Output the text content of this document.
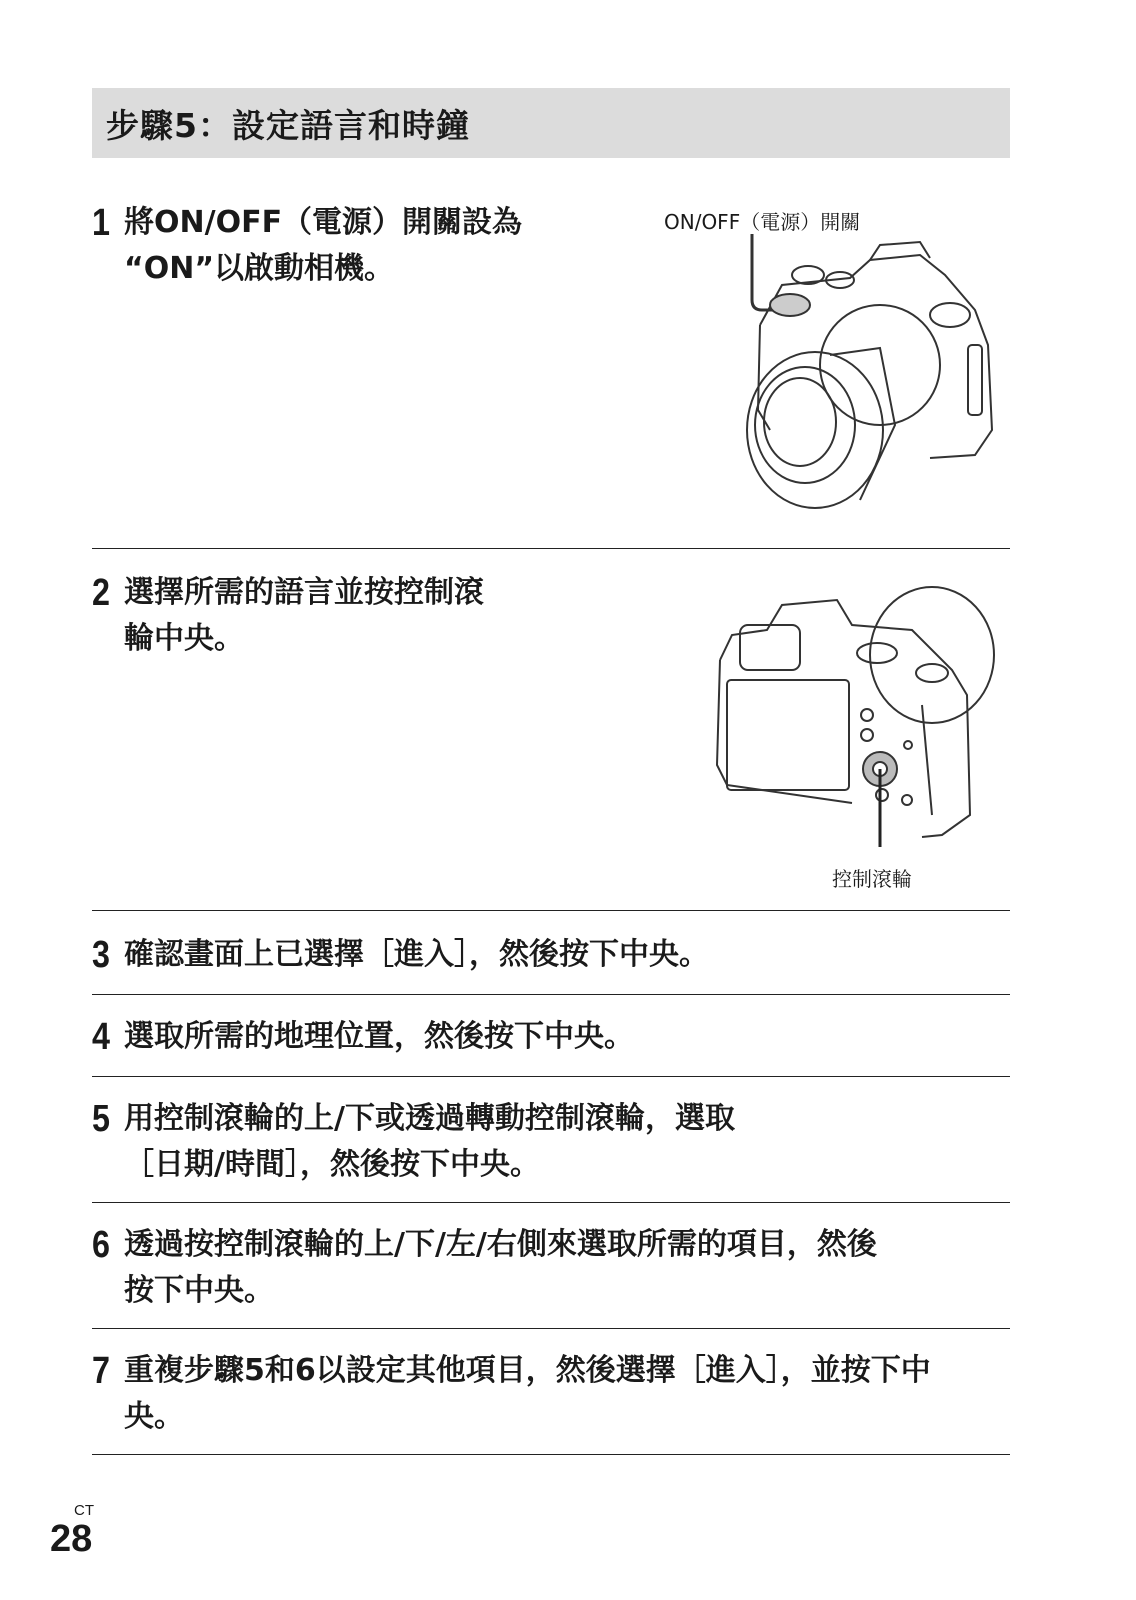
步驟5：設定語言和時鐘
1 將ON/OFF（電源）開關設為
“ON”以啟動相機。
ON/OFF（電源）開關
2 選擇所需的語言並按控制滾
輪中央。
控制滾輪
3 確認畫面上已選擇［進入］，然後按下中央。
4 選取所需的地理位置，然後按下中央。
5 用控制滾輪的上/下或透過轉動控制滾輪，選取
［日期/時間］，然後按下中央。
6 透過按控制滾輪的上/下/左/右側來選取所需的項目，然後
按下中央。
7 重複步驟5和6以設定其他項目，然後選擇［進入］，並按下中
央。
CT
28
